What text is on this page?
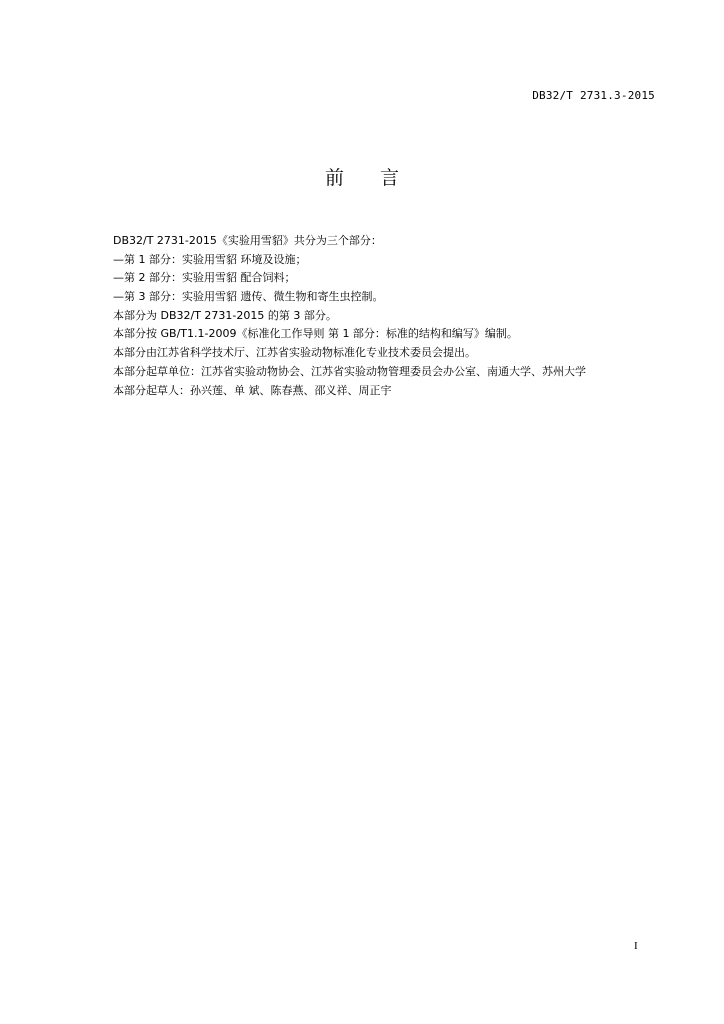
DB32/T 2731.3-2015
前言
DB32/T 2731-2015《实验用雪貂》共分为三个部分：
—第 1 部分：实验用雪貂 环境及设施；
—第 2 部分：实验用雪貂 配合饲料；
—第 3 部分：实验用雪貂 遗传、微生物和寄生虫控制。
本部分为 DB32/T 2731-2015 的第 3 部分。
本部分按 GB/T1.1-2009《标准化工作导则 第 1 部分：标准的结构和编写》编制。
本部分由江苏省科学技术厅、江苏省实验动物标准化专业技术委员会提出。
本部分起草单位：江苏省实验动物协会、江苏省实验动物管理委员会办公室、南通大学、苏州大学
本部分起草人：孙兴莲、单 斌、陈春燕、邵义祥、周正宇
I
